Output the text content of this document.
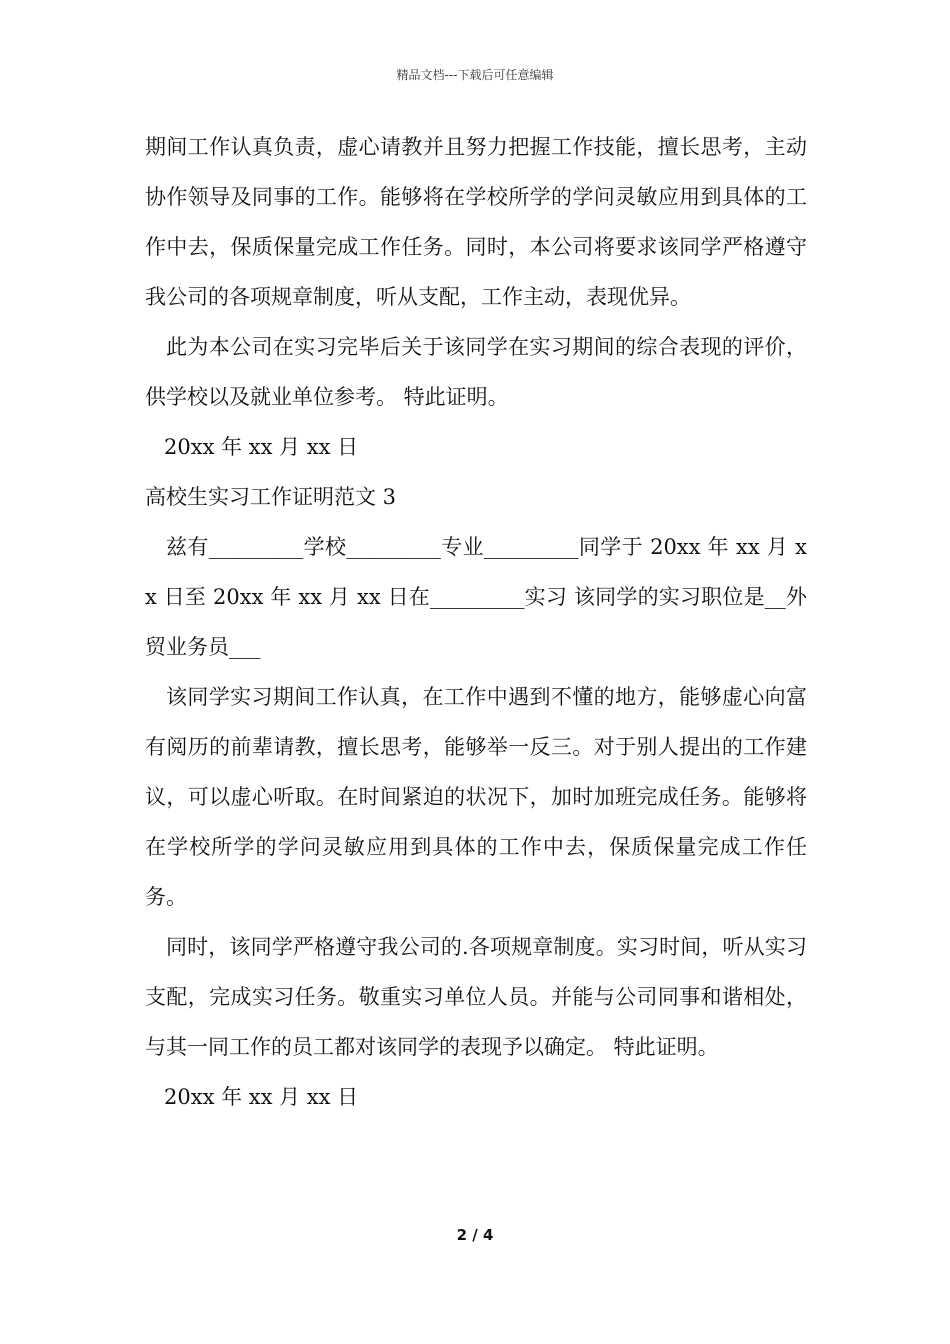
精品文档---下载后可任意编辑

期间工作认真负责，虚心请教并且努力把握工作技能，擅长思考，主动协作领导及同事的工作。能够将在学校所学的学问灵敏应用到具体的工作中去，保质保量完成工作任务。同时，本公司将要求该同学严格遵守我公司的各项规章制度，听从支配，工作主动，表现优异。

此为本公司在实习完毕后关于该同学在实习期间的综合表现的评价，供学校以及就业单位参考。 特此证明。

20xx 年 xx 月 xx 日

高校生实习工作证明范文 3

兹有_________学校_________专业_________同学于 20xx 年 xx 月 xx 日至 20xx 年 xx 月 xx 日在_________实习 该同学的实习职位是__外贸业务员___

该同学实习期间工作认真，在工作中遇到不懂的地方，能够虚心向富有阅历的前辈请教，擅长思考，能够举一反三。对于别人提出的工作建议，可以虚心听取。在时间紧迫的状况下，加时加班完成任务。能够将在学校所学的学问灵敏应用到具体的工作中去，保质保量完成工作任务。

同时，该同学严格遵守我公司的.各项规章制度。实习时间，听从实习支配，完成实习任务。敬重实习单位人员。并能与公司同事和谐相处，与其一同工作的员工都对该同学的表现予以确定。 特此证明。

20xx 年 xx 月 xx 日

2 / 4
